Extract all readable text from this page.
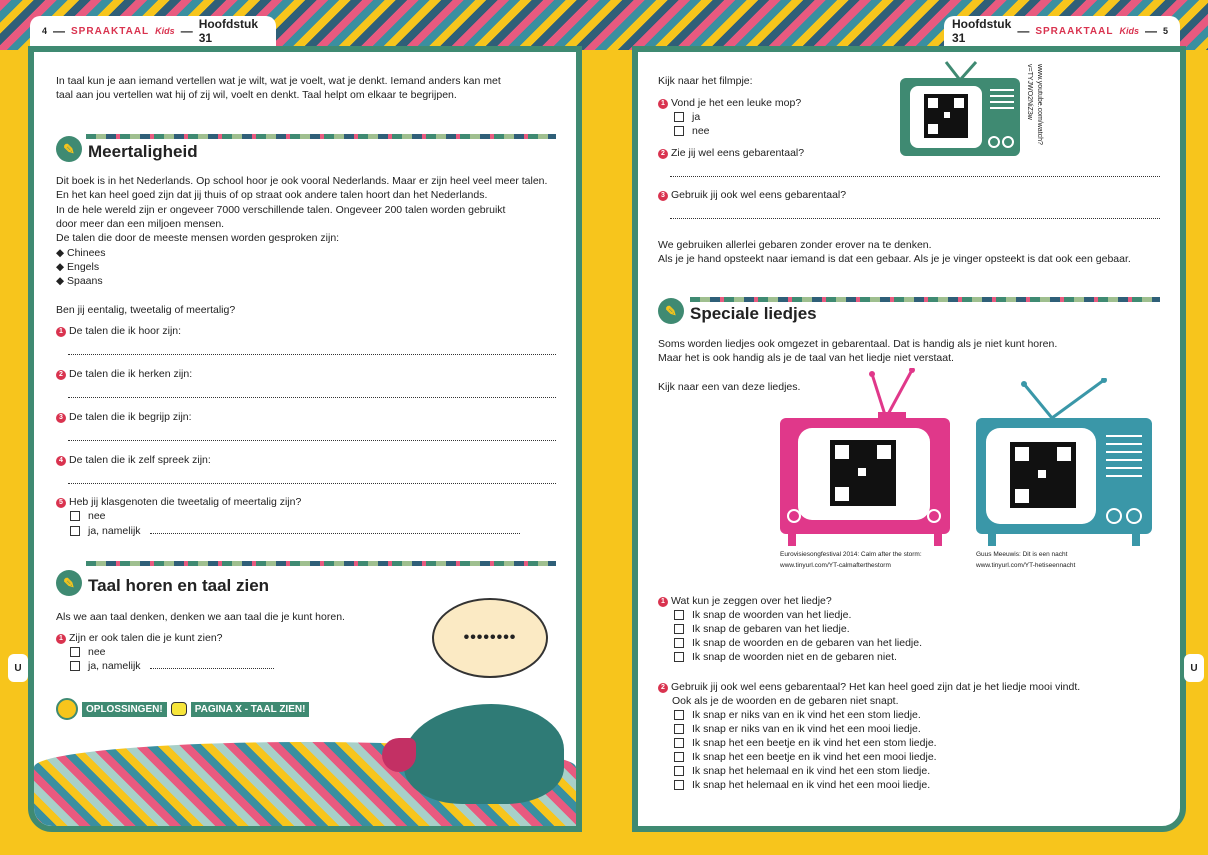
4 — SPRAAKTAAL Kids — Hoofdstuk 31
Hoofdstuk 31	— SPRAAKTAAL Kids — 5
U	U
In taal kun je aan iemand vertellen wat je wilt, wat je voelt, wat je denkt. Iemand anders kan met taal aan jou vertellen wat hij of zij wil, voelt en denkt. Taal helpt om elkaar te begrijpen.
✎ Meertaligheid
Dit boek is in het Nederlands. Op school hoor je ook vooral Nederlands. Maar er zijn heel veel meer talen.
En het kan heel goed zijn dat jij thuis of op straat ook andere talen hoort dan het Nederlands.
In de hele wereld zijn er ongeveer 7000 verschillende talen. Ongeveer 200 talen worden gebruikt door meer dan een miljoen mensen.
De talen die door de meeste mensen worden gesproken zijn:
◆ Chinees
◆ Engels
◆ Spaans
Ben jij eentalig, tweetalig of meertalig?
1 De talen die ik hoor zijn:
2 De talen die ik herken zijn:
3 De talen die ik begrijp zijn:
4 De talen die ik zelf spreek zijn:
5 Heb jij klasgenoten die tweetalig of meertalig zijn?
nee
ja, namelijk
✎ Taal horen en taal zien
Als we aan taal denken, denken we aan taal die je kunt horen.
1 Zijn er ook talen die je kunt zien?
nee
ja, namelijk
••••••••
OPLOSSINGEN!	PAGINA X - TAAL ZIEN!
Kijk naar het filmpje:
1 Vond je het een leuke mop?
ja
nee
2 Zie jij wel eens gebarentaal?
3 Gebruik jij ook wel eens gebarentaal?
www.youtube.com/watch?v=TYJWO2NiZ3w
We gebruiken allerlei gebaren zonder erover na te denken.
Als je je hand opsteekt naar iemand is dat een gebaar. Als je je vinger opsteekt is dat ook een gebaar.
✎ Speciale liedjes
Soms worden liedjes ook omgezet in gebarentaal. Dat is handig als je niet kunt horen.
Maar het is ook handig als je de taal van het liedje niet verstaat.
Kijk naar een van deze liedjes.
Eurovisiesongfestival 2014: Calm after the storm:
www.tinyurl.com/YT-calmafterthestorm
Guus Meeuwis: Dit is een nacht
www.tinyurl.com/YT-hetiseennacht
1 Wat kun je zeggen over het liedje?
Ik snap de woorden van het liedje.
Ik snap de gebaren van het liedje.
Ik snap de woorden en de gebaren van het liedje.
Ik snap de woorden niet en de gebaren niet.
2 Gebruik jij ook wel eens gebarentaal? Het kan heel goed zijn dat je het liedje mooi vindt.
Ook als je de woorden en de gebaren niet snapt.
Ik snap er niks van en ik vind het een stom liedje.
Ik snap er niks van en ik vind het een mooi liedje.
Ik snap het een beetje en ik vind het een stom liedje.
Ik snap het een beetje en ik vind het een mooi liedje.
Ik snap het helemaal en ik vind het een stom liedje.
Ik snap het helemaal en ik vind het een mooi liedje.
